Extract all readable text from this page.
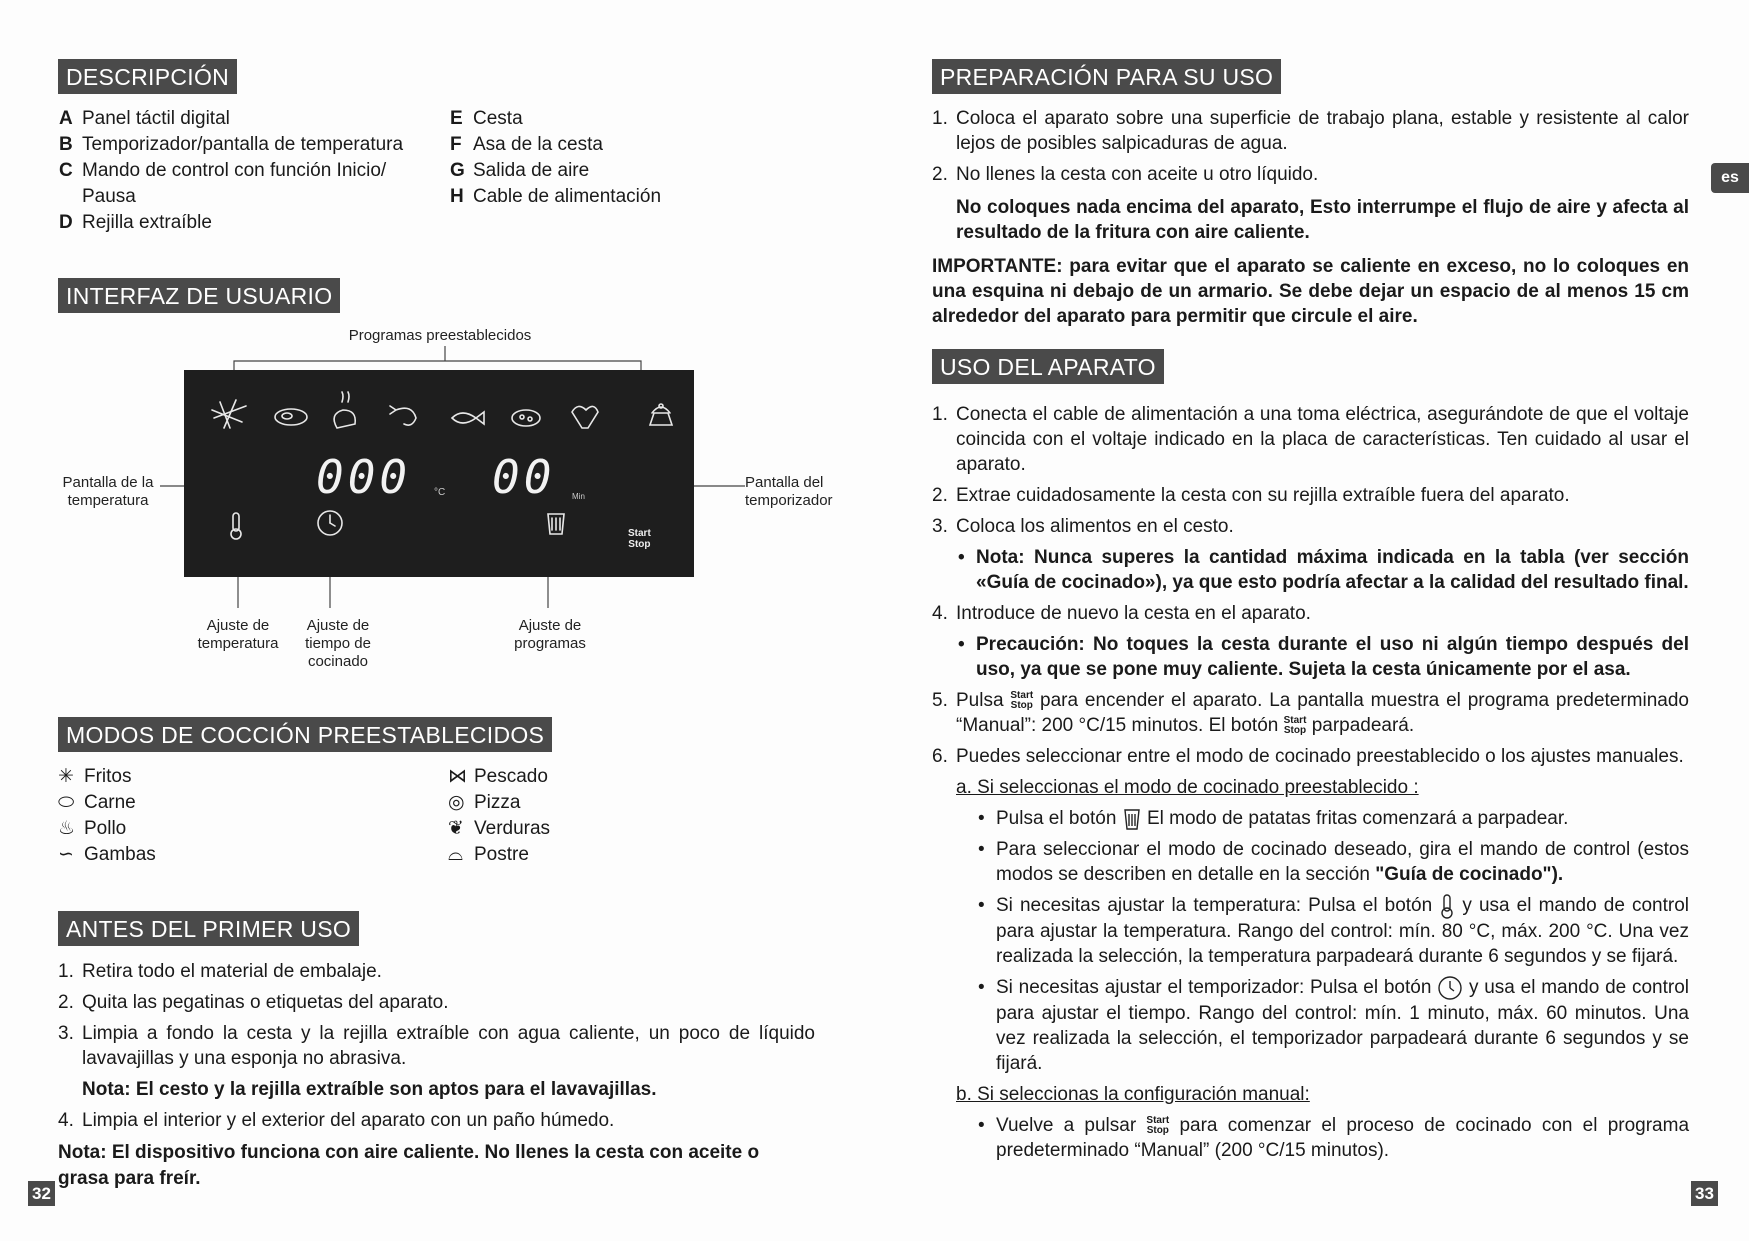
DESCRIPCIÓN
A Panel táctil digital
B Temporizador/pantalla de temperatura
C Mando de control con función Inicio/ Pausa
D Rejilla extraíble
E Cesta
F Asa de la cesta
G Salida de aire
H Cable de alimentación
INTERFAZ DE USUARIO
Programas preestablecidos
000 °C 00 Min
Start
Stop
Pantalla de la
temperatura
Pantalla del
temporizador
Ajuste de
temperatura
Ajuste de
tiempo de
cocinado
Ajuste de
programas
MODOS DE COCCIÓN PREESTABLECIDOS
✳ Fritos
⬭ Carne
♨ Pollo
∽ Gambas
⋈ Pescado
◎ Pizza
❦ Verduras
⌓ Postre
ANTES DEL PRIMER USO
1. Retira todo el material de embalaje.
2. Quita las pegatinas o etiquetas del aparato.
3. Limpia a fondo la cesta y la rejilla extraíble con agua caliente, un poco de líquido lavavajillas y una esponja no abrasiva.
Nota: El cesto y la rejilla extraíble son aptos para el lavavajillas.
4. Limpia el interior y el exterior del aparato con un paño húmedo.
Nota: El dispositivo funciona con aire caliente. No llenes la cesta con aceite o grasa para freír.
32
es
PREPARACIÓN PARA SU USO
1. Coloca el aparato sobre una superficie de trabajo plana, estable y resistente al calor lejos de posibles salpicaduras de agua.
2. No llenes la cesta con aceite u otro líquido.
No coloques nada encima del aparato, Esto interrumpe el flujo de aire y afecta al resultado de la fritura con aire caliente.
IMPORTANTE: para evitar que el aparato se caliente en exceso, no lo coloques en una esquina ni debajo de un armario. Se debe dejar un espacio de al menos 15 cm alrededor del aparato para permitir que circule el aire.
USO DEL APARATO
1. Conecta el cable de alimentación a una toma eléctrica, asegurándote de que el voltaje coincida con el voltaje indicado en la placa de características. Ten cuidado al usar el aparato.
2. Extrae cuidadosamente la cesta con su rejilla extraíble fuera del aparato.
3. Coloca los alimentos en el cesto.
• Nota: Nunca superes la cantidad máxima indicada en la tabla (ver sección «Guía de cocinado»), ya que esto podría afectar a la calidad del resultado final.
4. Introduce de nuevo la cesta en el aparato.
• Precaución: No toques la cesta durante el uso ni algún tiempo después del uso, ya que se pone muy caliente. Sujeta la cesta únicamente por el asa.
5. Pulsa Start
Stop para encender el aparato. La pantalla muestra el programa predeterminado “Manual”: 200 °C/15 minutos. El botón Start
Stop parpadeará.
6. Puedes seleccionar entre el modo de cocinado preestablecido o los ajustes manuales.
a. Si seleccionas el modo de cocinado preestablecido :
• Pulsa el botón El modo de patatas fritas comenzará a parpadear.
• Para seleccionar el modo de cocinado deseado, gira el mando de control (estos modos se describen en detalle en la sección "Guía de cocinado").
• Si necesitas ajustar la temperatura: Pulsa el botón y usa el mando de control para ajustar la temperatura. Rango del control: mín. 80 °C, máx. 200 °C. Una vez realizada la selección, la temperatura parpadeará durante 6 segundos y se fijará.
• Si necesitas ajustar el temporizador: Pulsa el botón y usa el mando de control para ajustar el tiempo. Rango del control: mín. 1 minuto, máx. 60 minutos. Una vez realizada la selección, el temporizador parpadeará durante 6 segundos y se fijará.
b. Si seleccionas la configuración manual:
• Vuelve a pulsar Start
Stop para comenzar el proceso de cocinado con el programa predeterminado “Manual” (200 °C/15 minutos).
33
